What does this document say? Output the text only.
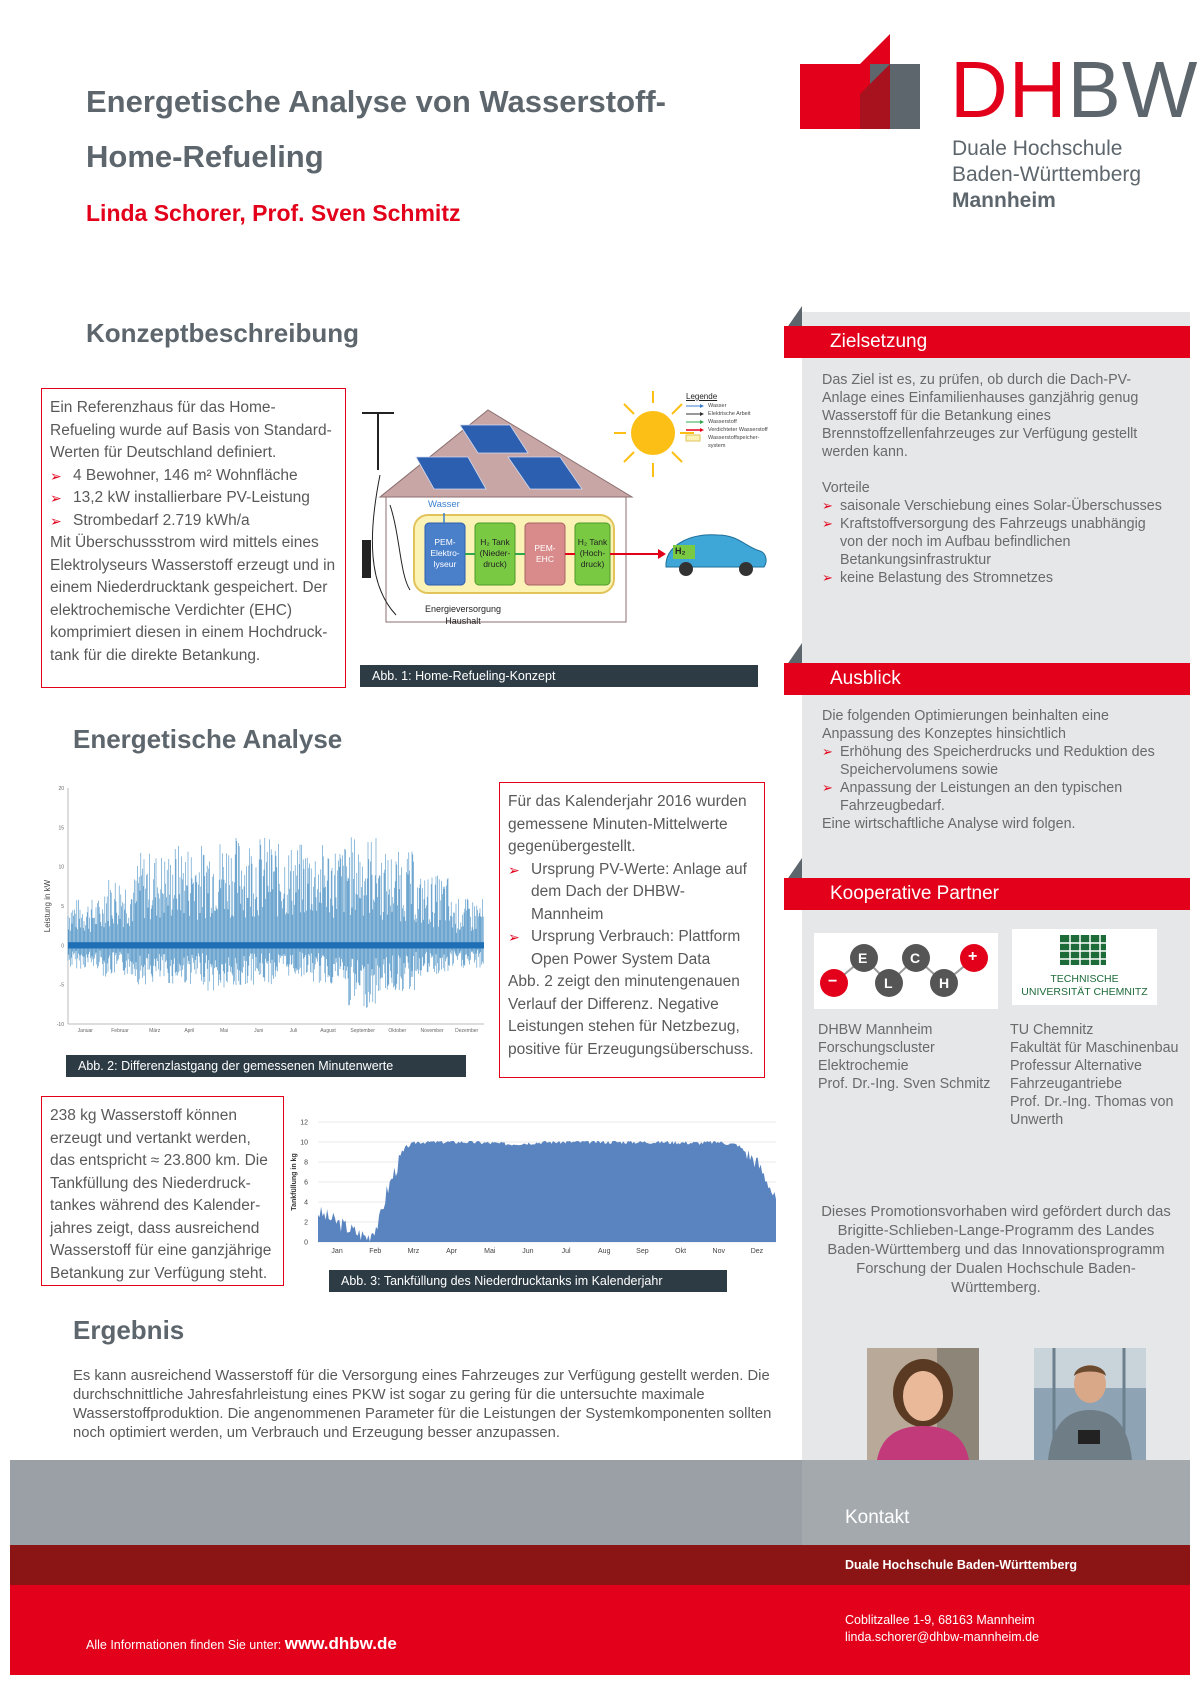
Energetische Analyse von Wasserstoff-Home-Refueling
Linda Schorer, Prof. Sven Schmitz
DHBW
Duale Hochschule
Baden-Württemberg
Mannheim
Konzeptbeschreibung
Ein Referenzhaus für das Home-Refueling wurde auf Basis von Standard-Werten für Deutschland definiert.
➢ 4 Bewohner, 146 m² Wohnfläche
➢ 13,2 kW installierbare PV-Leistung
➢ Strombedarf 2.719 kWh/a
Mit Überschussstrom wird mittels eines Elektrolyseurs Wasserstoff erzeugt und in einem Niederdrucktank gespeichert. Der elektrochemische Verdichter (EHC) komprimiert diesen in einem Hochdruck-tank für die direkte Betankung.
Legende
Wasser
Elektrische Arbeit
Wasserstoff
Verdichteter Wasserstoff
Wasserstoffspeicher-system
Wasser
PEM-Elektro-lyseur
H₂ Tank
(Nieder-druck)
PEM-EHC
H₂ Tank
(Hoch-druck)
H₂
Energieversorgung
Haushalt
Abb. 1: Home-Refueling-Konzept
Energetische Analyse
20
15
10
5
0
-5
-10
Leistung in kW
Januar	Februar	März	April	Mai	Juni	Juli	August	September	Oktober	November Dezember
Abb. 2: Differenzlastgang der gemessenen Minutenwerte
Für das Kalenderjahr 2016 wurden gemessene Minuten-Mittelwerte gegenübergestellt.
➢ Ursprung PV-Werte: Anlage auf dem Dach der DHBW-Mannheim
➢ Ursprung Verbrauch: Plattform Open Power System Data
Abb. 2 zeigt den minutengenauen Verlauf der Differenz. Negative Leistungen stehen für Netzbezug, positive für Erzeugungsüberschuss.
238 kg Wasserstoff können erzeugt und vertankt werden, das entspricht ≈ 23.800 km. Die Tankfüllung des Niederdruck-tankes während des Kalender-jahres zeigt, dass ausreichend Wasserstoff für eine ganzjährige Betankung zur Verfügung steht.
12
10
8
6
4
2
0
Tankfüllung in kg
Jan	Feb	Mrz	Apr	Mai	Jun	Jul	Aug	Sep	Okt	Nov	Dez
Abb. 3: Tankfüllung des Niederdrucktanks im Kalenderjahr
Ergebnis
Es kann ausreichend Wasserstoff für die Versorgung eines Fahrzeuges zur Verfügung gestellt werden. Die durchschnittliche Jahresfahrleistung eines PKW ist sogar zu gering für die untersuchte maximale Wasserstoffproduktion. Die angenommenen Parameter für die Leistungen der Systemkomponenten sollten noch optimiert werden, um Verbrauch und Erzeugung besser anzupassen.
Zielsetzung
Das Ziel ist es, zu prüfen, ob durch die Dach-PV-Anlage eines Einfamilienhauses ganzjährig genug Wasserstoff für die Betankung eines Brennstoffzellenfahrzeuges zur Verfügung gestellt werden kann.
Vorteile
➢ saisonale Verschiebung eines Solar-Überschusses
➢ Kraftstoffversorgung des Fahrzeugs unabhängig von der noch im Aufbau befindlichen Betankungsinfrastruktur
➢ keine Belastung des Stromnetzes
Ausblick
Die folgenden Optimierungen beinhalten eine Anpassung des Konzeptes hinsichtlich
➢ Erhöhung des Speicherdrucks und Reduktion des Speichervolumens sowie
➢ Anpassung der Leistungen an den typischen Fahrzeugbedarf.
Eine wirtschaftliche Analyse wird folgen.
Kooperative Partner
E
L
C
H
+
−	TECHNISCHE UNIVERSITÄT CHEMNITZ
DHBW Mannheim
Forschungscluster
Elektrochemie
Prof. Dr.-Ing. Sven Schmitz
TU Chemnitz
Fakultät für Maschinenbau
Professur Alternative
Fahrzeugantriebe
Prof. Dr.-Ing. Thomas von
Unwerth
Dieses Promotionsvorhaben wird gefördert durch das Brigitte-Schlieben-Lange-Programm des Landes Baden-Württemberg und das Innovationsprogramm Forschung der Dualen Hochschule Baden-Württemberg.
Kontakt
Duale Hochschule Baden-Württemberg
Coblitzallee 1-9, 68163 Mannheim
linda.schorer@dhbw-mannheim.de
Alle Informationen finden Sie unter: www.dhbw.de
